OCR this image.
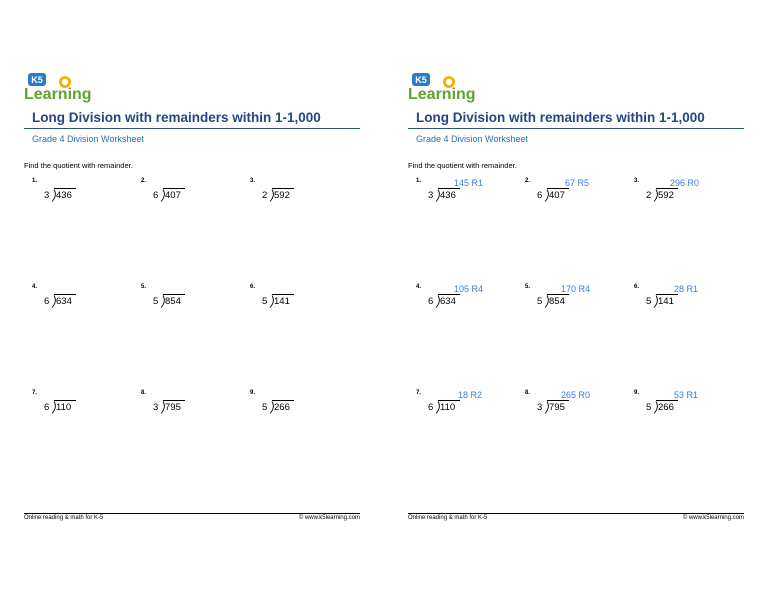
K5
Learning
Long Division with remainders within 1-1,000
Grade 4 Division Worksheet
Find the quotient with remainder.
1.
3 436
2.
6 407
3.
2 592
4.
6 634
5.
5 854
6.
5 141
7.
6 110
8.
3 795
9.
5 266
Online reading & math for K-5	© www.k5learning.com
K5
Learning
Long Division with remainders within 1-1,000
Grade 4 Division Worksheet
Find the quotient with remainder.
1.	145 R1
3 436
2.	67 R5
6 407
3.	296 R0
2 592
4.	105 R4
6 634
5.	170 R4
5 854
6.	28 R1
5 141
7.	18 R2
6 110
8.	265 R0
3 795
9.	53 R1
5 266
Online reading & math for K-5	© www.k5learning.com
